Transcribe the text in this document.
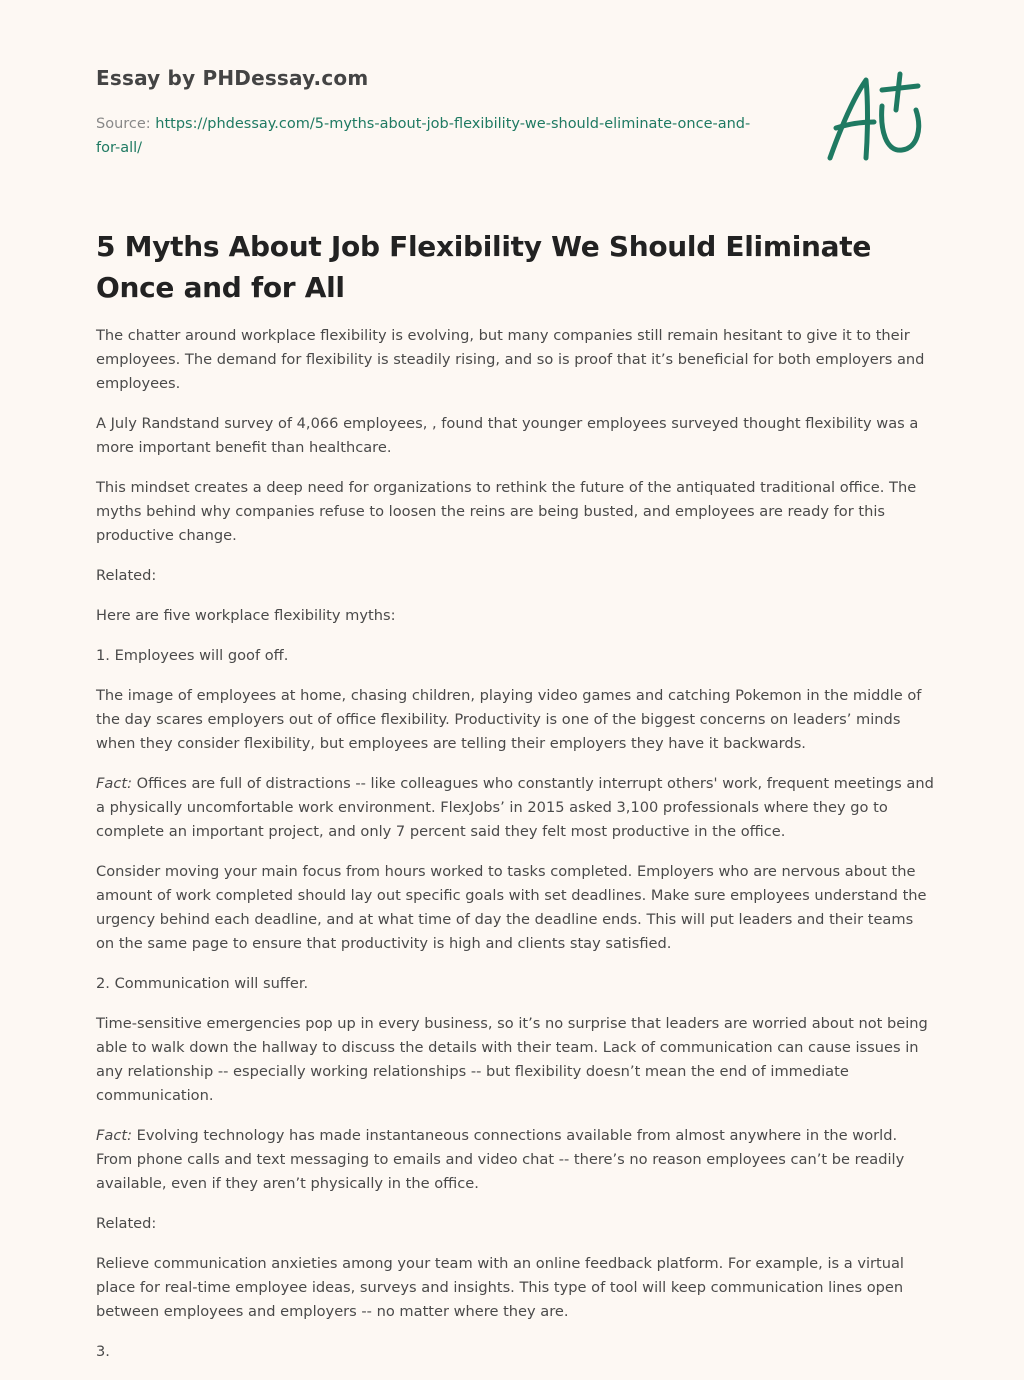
Essay by PHDessay.com
Source: https://phdessay.com/5-myths-about-job-flexibility-we-should-eliminate-once-and-for-all/
5 Myths About Job Flexibility We Should Eliminate Once and for All

The chatter around workplace flexibility is evolving, but many companies still remain hesitant to give it to their employees. The demand for flexibility is steadily rising, and so is proof that it’s beneficial for both employers and employees.

A July Randstand survey of 4,066 employees, , found that younger employees surveyed thought flexibility was a more important benefit than healthcare.

This mindset creates a deep need for organizations to rethink the future of the antiquated traditional office. The myths behind why companies refuse to loosen the reins are being busted, and employees are ready for this productive change.

Related:

Here are five workplace flexibility myths:

1. Employees will goof off.

The image of employees at home, chasing children, playing video games and catching Pokemon in the middle of the day scares employers out of office flexibility. Productivity is one of the biggest concerns on leaders’ minds when they consider flexibility, but employees are telling their employers they have it backwards.

Fact: Offices are full of distractions -- like colleagues who constantly interrupt others' work, frequent meetings and a physically uncomfortable work environment. FlexJobs’ in 2015 asked 3,100 professionals where they go to complete an important project, and only 7 percent said they felt most productive in the office.

Consider moving your main focus from hours worked to tasks completed. Employers who are nervous about the amount of work completed should lay out specific goals with set deadlines. Make sure employees understand the urgency behind each deadline, and at what time of day the deadline ends. This will put leaders and their teams on the same page to ensure that productivity is high and clients stay satisfied.

2. Communication will suffer.

Time-sensitive emergencies pop up in every business, so it’s no surprise that leaders are worried about not being able to walk down the hallway to discuss the details with their team. Lack of communication can cause issues in any relationship -- especially working relationships -- but flexibility doesn’t mean the end of immediate communication.

Fact: Evolving technology has made instantaneous connections available from almost anywhere in the world. From phone calls and text messaging to emails and video chat -- there’s no reason employees can’t be readily available, even if they aren’t physically in the office.

Related:

Relieve communication anxieties among your team with an online feedback platform. For example, is a virtual place for real-time employee ideas, surveys and insights. This type of tool will keep communication lines open between employees and employers -- no matter where they are.

3.
